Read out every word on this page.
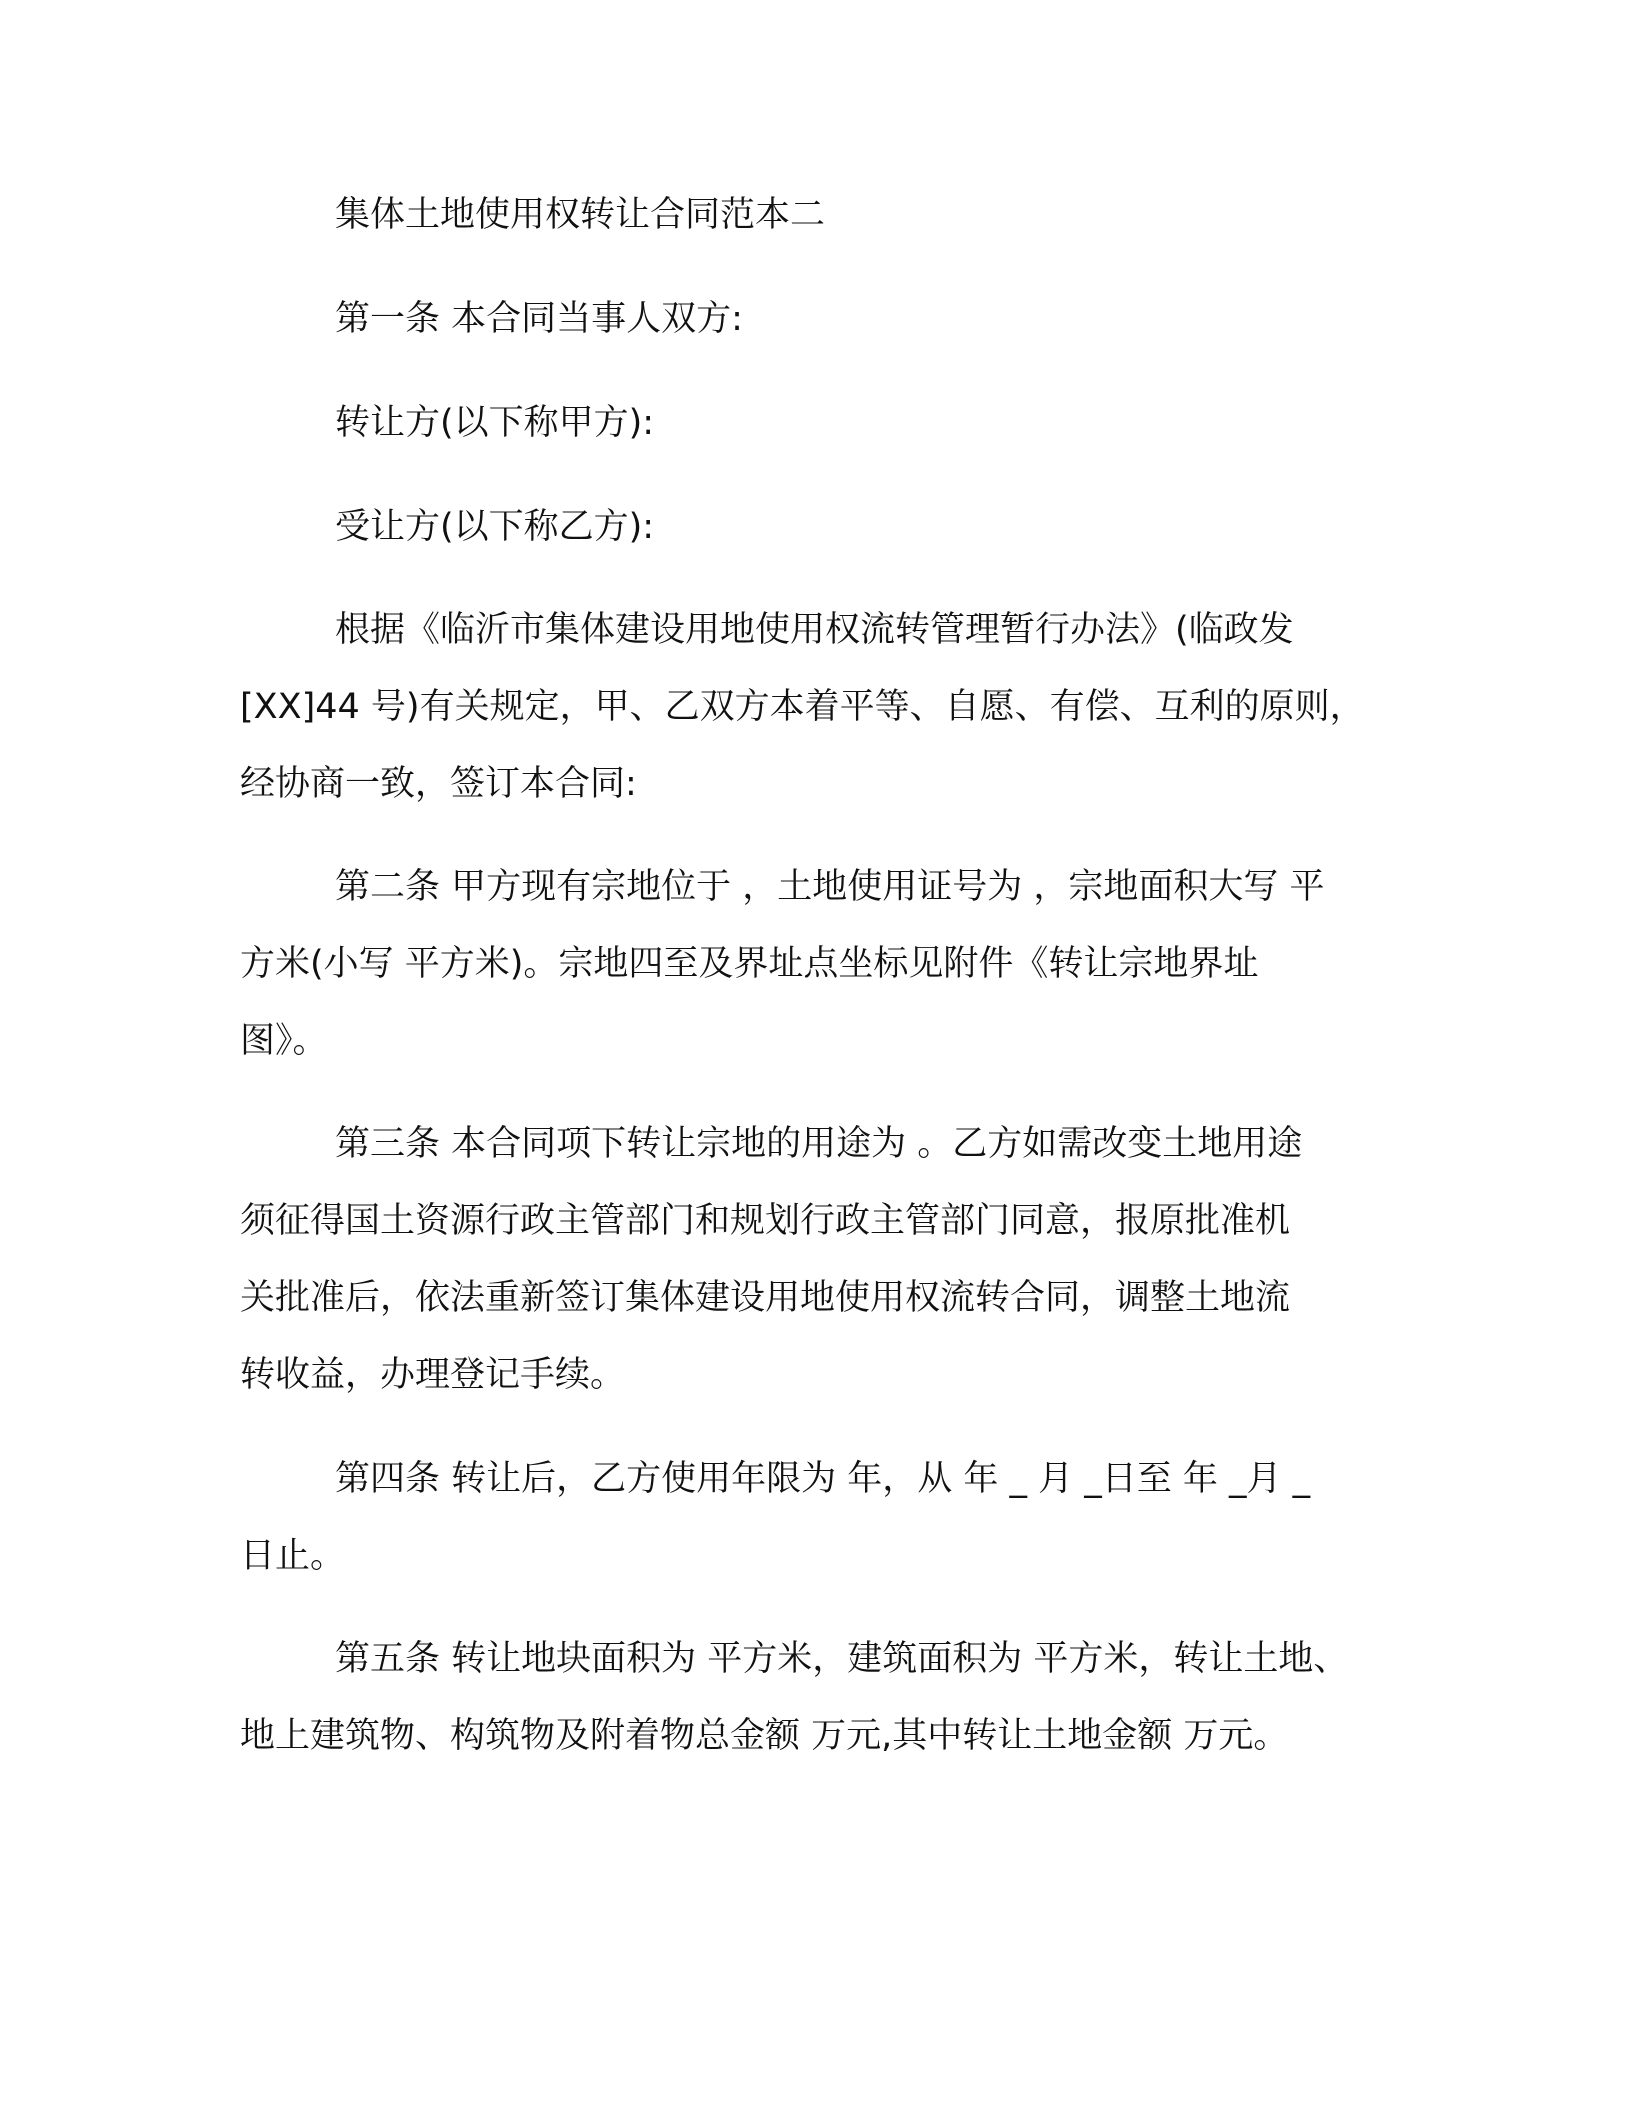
集体土地使用权转让合同范本二
第一条 本合同当事人双方:
转让方(以下称甲方):
受让方(以下称乙方):
根据《临沂市集体建设用地使用权流转管理暂行办法》(临政发
[XX]44 号)有关规定，甲、乙双方本着平等、自愿、有偿、互利的原则，
经协商一致，签订本合同:
第二条 甲方现有宗地位于 ，土地使用证号为 ，宗地面积大写 平
方米(小写 平方米)。宗地四至及界址点坐标见附件《转让宗地界址
图》。
第三条 本合同项下转让宗地的用途为 。乙方如需改变土地用途
须征得国土资源行政主管部门和规划行政主管部门同意，报原批准机
关批准后，依法重新签订集体建设用地使用权流转合同，调整土地流
转收益，办理登记手续。
第四条 转让后，乙方使用年限为 年，从 年 _ 月 _日至 年 _月 _
日止。
第五条 转让地块面积为 平方米，建筑面积为 平方米，转让土地、
地上建筑物、构筑物及附着物总金额 万元,其中转让土地金额 万元。
